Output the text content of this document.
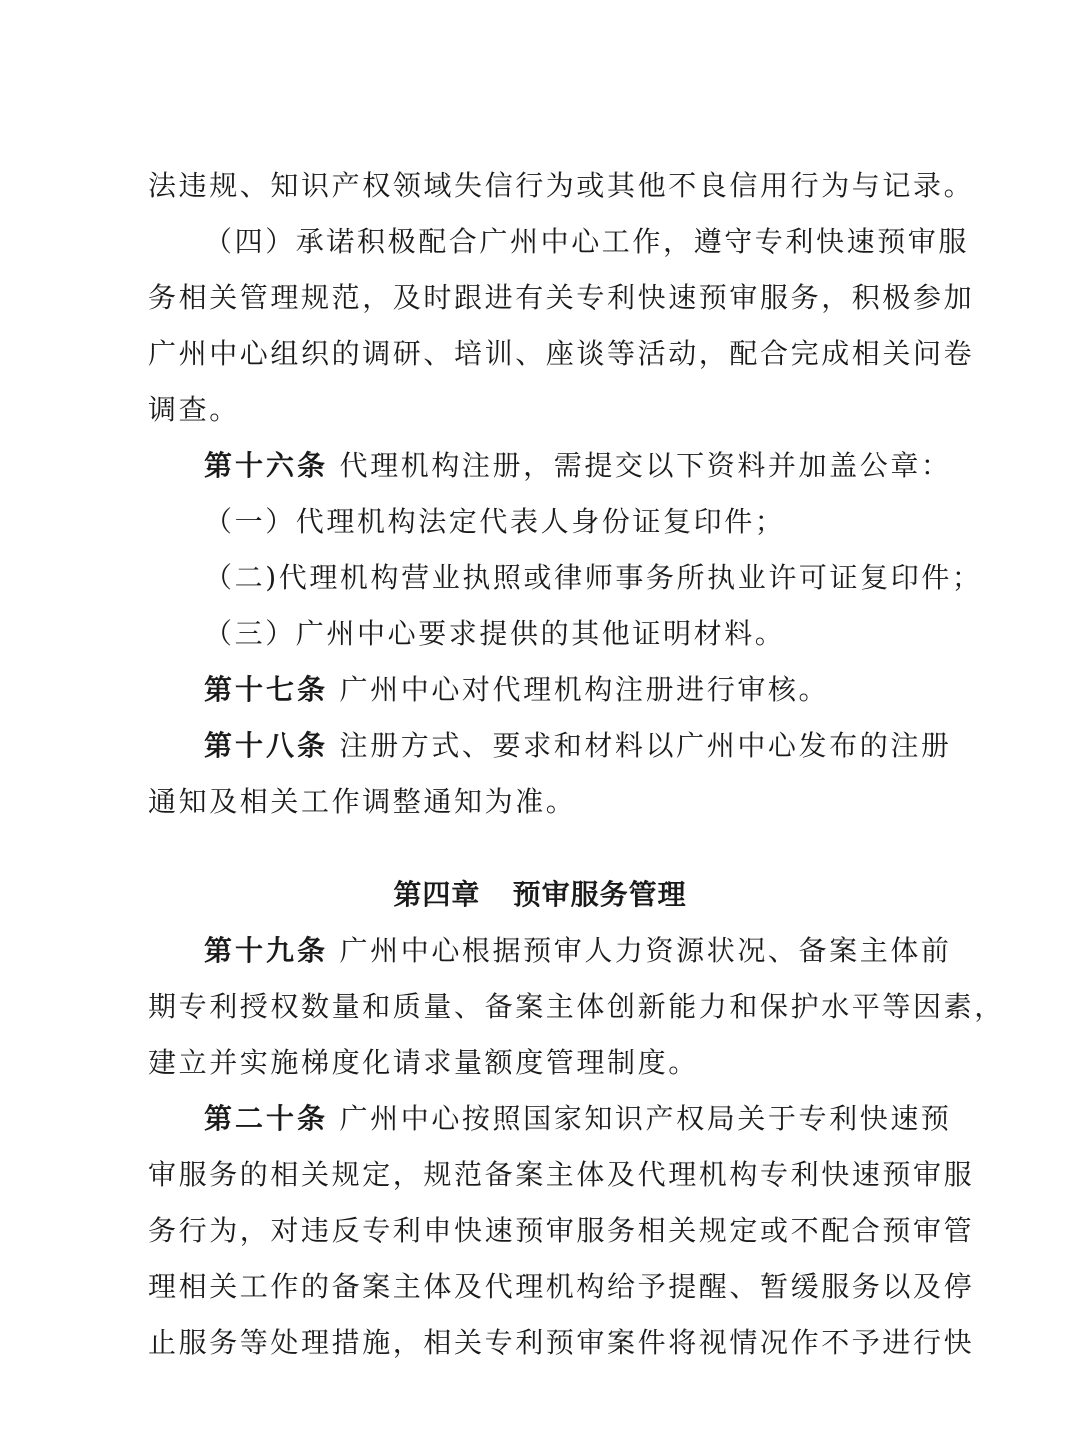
法违规、知识产权领域失信行为或其他不良信用行为与记录。
（四）承诺积极配合广州中心工作，遵守专利快速预审服
务相关管理规范，及时跟进有关专利快速预审服务，积极参加
广州中心组织的调研、培训、座谈等活动，配合完成相关问卷
调查。
第十六条 代理机构注册，需提交以下资料并加盖公章：
（一）代理机构法定代表人身份证复印件；
（二)代理机构营业执照或律师事务所执业许可证复印件；
（三）广州中心要求提供的其他证明材料。
第十七条 广州中心对代理机构注册进行审核。
第十八条 注册方式、要求和材料以广州中心发布的注册
通知及相关工作调整通知为准。
第四章   预审服务管理
第十九条 广州中心根据预审人力资源状况、备案主体前
期专利授权数量和质量、备案主体创新能力和保护水平等因素，
建立并实施梯度化请求量额度管理制度。
第二十条 广州中心按照国家知识产权局关于专利快速预
审服务的相关规定，规范备案主体及代理机构专利快速预审服
务行为，对违反专利申快速预审服务相关规定或不配合预审管
理相关工作的备案主体及代理机构给予提醒、暂缓服务以及停
止服务等处理措施，相关专利预审案件将视情况作不予进行快
